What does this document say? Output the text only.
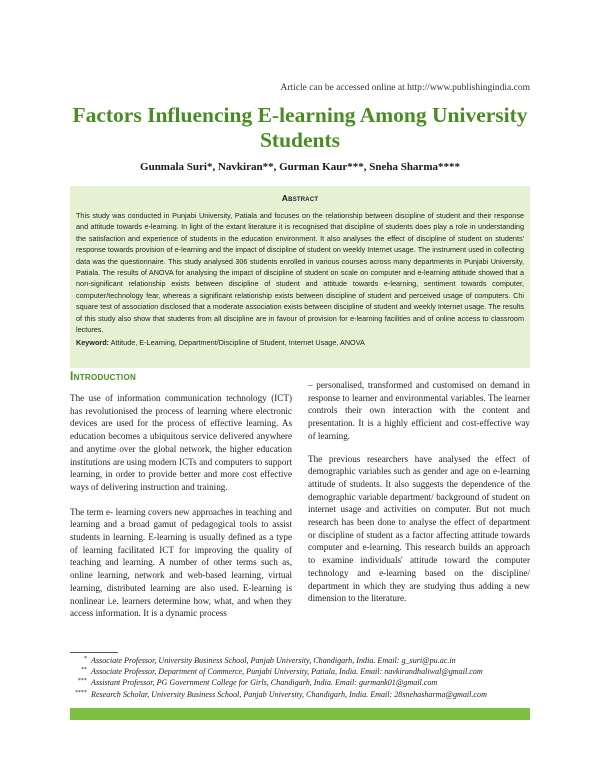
Article can be accessed online at http://www.publishingindia.com
Factors Influencing E-learning Among University Students
Gunmala Suri*, Navkiran**, Gurman Kaur***, Sneha Sharma****
Abstract
This study was conducted in Punjabi University, Patiala and focuses on the relationship between discipline of student and their response and attitude towards e-learning. In light of the extant literature it is recognised that discipline of students does play a role in understanding the satisfaction and experience of students in the education environment. It also analyses the effect of discipline of student on students' response towards provision of e-learning and the impact of discipline of student on weekly Internet usage. The instrument used in collecting data was the questionnaire. This study analysed 306 students enrolled in various courses across many departments in Punjabi University, Patiala. The results of ANOVA for analysing the impact of discipline of student on scale on computer and e-learning attitude showed that a non-significant relationship exists between discipline of student and attitude towards e-learning, sentiment towards computer, computer/technology fear, whereas a significant relationship exists between discipline of student and perceived usage of computers. Chi square test of association disclosed that a moderate association exists between discipline of student and weekly Internet usage. The results of this study also show that students from all discipline are in favour of provision for e-learning facilities and of online access to classroom lectures.
Keyword: Attitude, E-Learning, Department/Discipline of Student, Internet Usage, ANOVA
Introduction

The use of information communication technology (ICT) has revolutionised the process of learning where electronic devices are used for the process of effective learning. As education becomes a ubiquitous service delivered anywhere and anytime over the global network, the higher education institutions are using modern ICTs and computers to support learning, in order to provide better and more cost effective ways of delivering instruction and training.

The term e- learning covers new approaches in teaching and learning and a broad gamut of pedagogical tools to assist students in learning. E-learning is usually defined as a type of learning facilitated ICT for improving the quality of teaching and learning. A number of other terms such as, online learning, network and web-based learning, virtual learning, distributed learning are also used. E-learning is nonlinear i.e. learners determine how, what, and when they access information. It is a dynamic process

– personalised, transformed and customised on demand in response to learner and environmental variables. The learner controls their own interaction with the content and presentation. It is a highly efficient and cost-effective way of learning.

The previous researchers have analysed the effect of demographic variables such as gender and age on e-learning attitude of students. It also suggests the dependence of the demographic variable department/ background of student on internet usage and activities on computer. But not much research has been done to analyse the effect of department or discipline of student as a factor affecting attitude towards computer and e-learning. This research builds an approach to examine individuals' attitude toward the computer technology and e-learning based on the discipline/ department in which they are studying thus adding a new dimension to the literature.

* Associate Professor, University Business School, Panjab University, Chandigarh, India. Email: g_suri@pu.ac.in
** Associate Professor, Department of Commerce, Punjabi University, Patiala, India. Email: navkirandhaliwal@gmail.com
*** Assistant Professor, PG Government College for Girls, Chandigarh, India. Email: gurmank01@gmail.com
**** Research Scholar, University Business School, Panjab University, Chandigarh, India. Email: 28snehasharma@gmail.com
